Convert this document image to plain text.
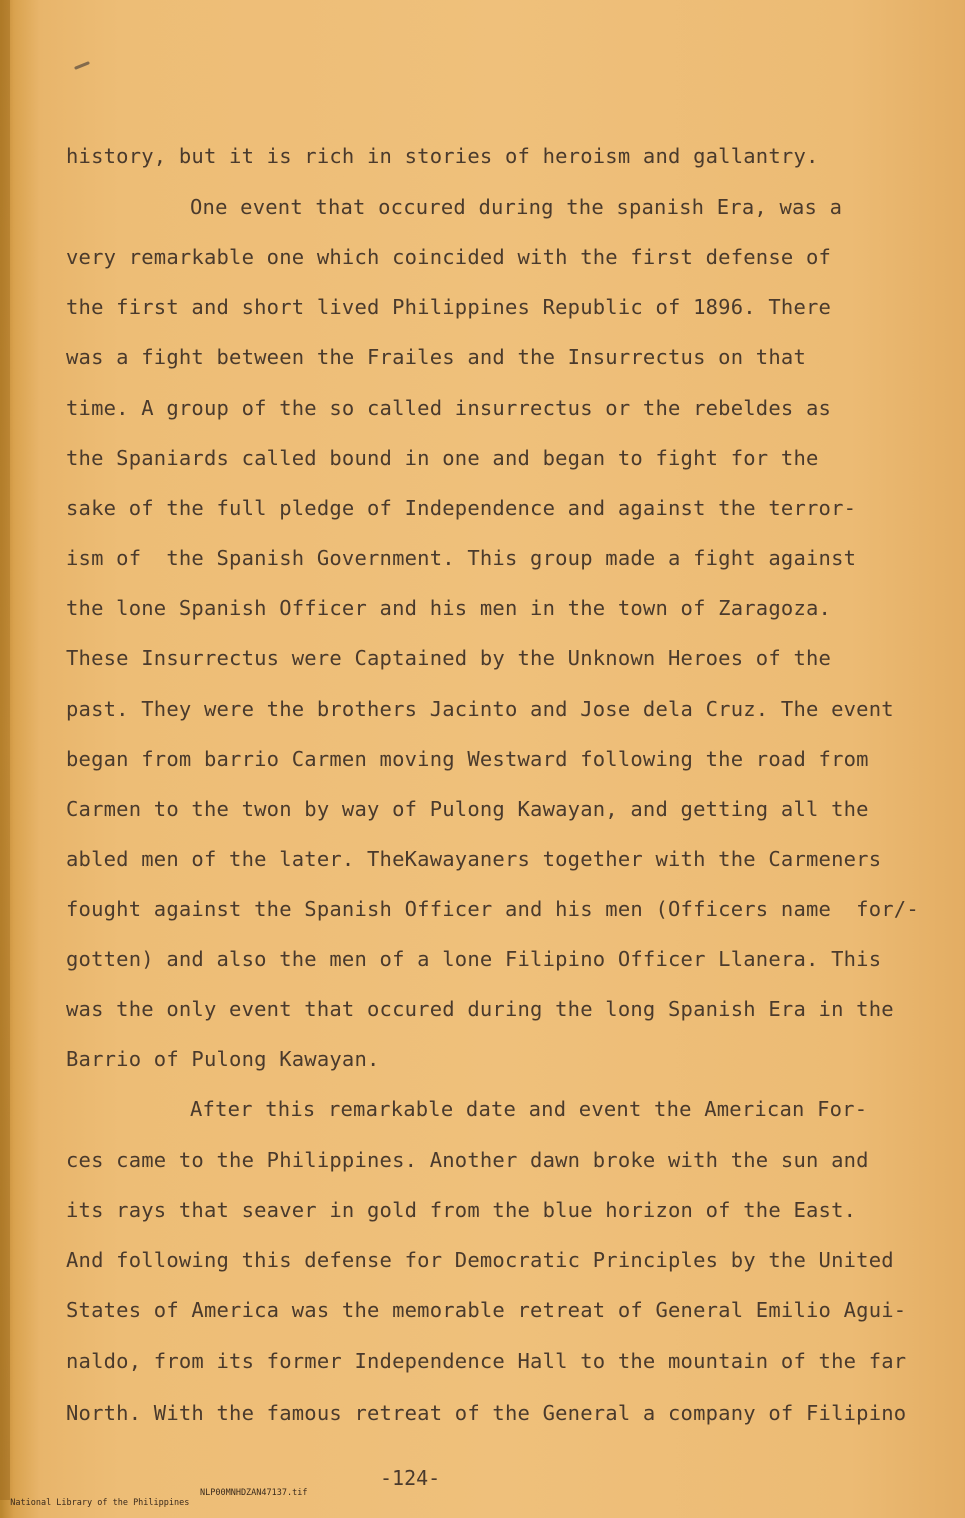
history, but it is rich in stories of heroism and gallantry.
One event that occured during the spanish Era, was a
very remarkable one which coincided with the first defense of
the first and short lived Philippines Republic of 1896. There
was a fight between the Frailes and the Insurrectus on that
time. A group of the so called insurrectus or the rebeldes as
the Spaniards called bound in one and began to fight for the
sake of the full pledge of Independence and against the terror-
ism of  the Spanish Government. This group made a fight against
the lone Spanish Officer and his men in the town of Zaragoza.
These Insurrectus were Captained by the Unknown Heroes of the
past. They were the brothers Jacinto and Jose dela Cruz. The event
began from barrio Carmen moving Westward following the road from
Carmen to the twon by way of Pulong Kawayan, and getting all the
abled men of the later. TheKawayaners together with the Carmeners
fought against the Spanish Officer and his men (Officers name  for/-
gotten) and also the men of a lone Filipino Officer Llanera. This
was the only event that occured during the long Spanish Era in the
Barrio of Pulong Kawayan.
After this remarkable date and event the American For-
ces came to the Philippines. Another dawn broke with the sun and
its rays that seaver in gold from the blue horizon of the East.
And following this defense for Democratic Principles by the United
States of America was the memorable retreat of General Emilio Agui-
naldo, from its former Independence Hall to the mountain of the far
North. With the famous retreat of the General a company of Filipino
-124-

National Library of the Philippines

NLP00MNHDZAN47137.tif
